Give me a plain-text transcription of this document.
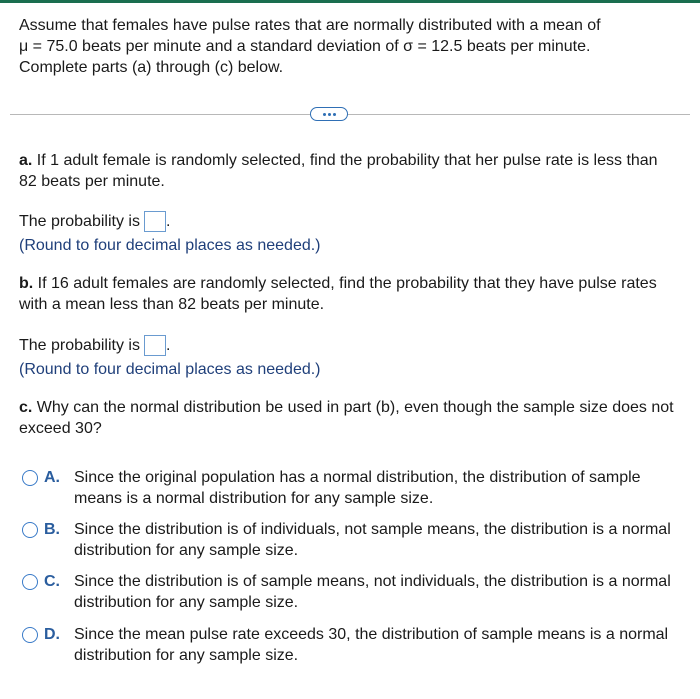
Assume that females have pulse rates that are normally distributed with a mean of
μ = 75.0 beats per minute and a standard deviation of σ = 12.5 beats per minute.
Complete parts (a) through (c) below.
a. If 1 adult female is randomly selected, find the probability that her pulse rate is less than 82 beats per minute.
The probability is .
(Round to four decimal places as needed.)
b. If 16 adult females are randomly selected, find the probability that they have pulse rates with a mean less than 82 beats per minute.
The probability is .
(Round to four decimal places as needed.)
c. Why can the normal distribution be used in part (b), even though the sample size does not exceed 30?
A. Since the original population has a normal distribution, the distribution of sample means is a normal distribution for any sample size.
B. Since the distribution is of individuals, not sample means, the distribution is a normal distribution for any sample size.
C. Since the distribution is of sample means, not individuals, the distribution is a normal distribution for any sample size.
D. Since the mean pulse rate exceeds 30, the distribution of sample means is a normal distribution for any sample size.
